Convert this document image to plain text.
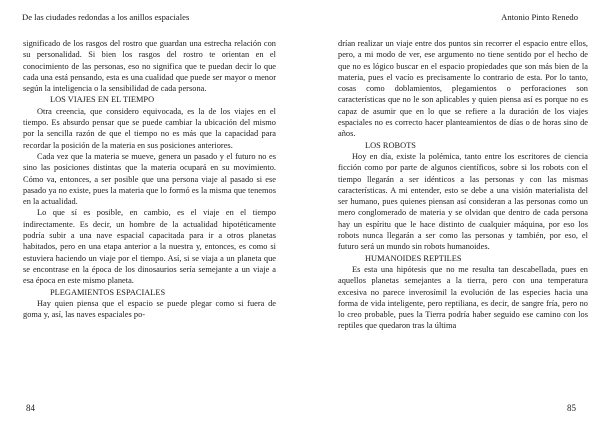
De las ciudades redondas a los anillos espaciales

significado de los rasgos del rostro que guardan una estrecha relación con su personalidad. Si bien los rasgos del rostro te orientan en el conocimiento de las personas, eso no significa que te puedan decir lo que cada una está pensando, esta es una cualidad que puede ser mayor o menor según la inteligencia o la sensibilidad de cada persona.

LOS VIAJES EN EL TIEMPO

Otra creencia, que considero equivocada, es la de los viajes en el tiempo. Es absurdo pensar que se puede cambiar la ubicación del mismo por la sencilla razón de que el tiempo no es más que la capacidad para recordar la posición de la materia en sus posiciones anteriores.

Cada vez que la materia se mueve, genera un pasado y el futuro no es sino las posiciones distintas que la materia ocupará en su movimiento. Cómo va, entonces, a ser posible que una persona viaje al pasado si ese pasado ya no existe, pues la materia que lo formó es la misma que tenemos en la actualidad.

Lo que sí es posible, en cambio, es el viaje en el tiempo indirectamente. Es decir, un hombre de la actualidad hipotéticamente podría subir a una nave espacial capacitada para ir a otros planetas habitados, pero en una etapa anterior a la nuestra y, entonces, es como si estuviera haciendo un viaje por el tiempo. Así, si se viaja a un planeta que se encontrase en la época de los dinosaurios sería semejante a un viaje a esa época en este mismo planeta.

PLEGAMIENTOS ESPACIALES

Hay quien piensa que el espacio se puede plegar como si fuera de goma y, así, las naves espaciales po-

84
Antonio Pinto Renedo

drían realizar un viaje entre dos puntos sin recorrer el espacio entre ellos, pero, a mi modo de ver, ese argumento no tiene sentido por el hecho de que no es lógico buscar en el espacio propiedades que son más bien de la materia, pues el vacío es precisamente lo contrario de esta. Por lo tanto, cosas como doblamientos, plegamientos o perforaciones son características que no le son aplicables y quien piensa así es porque no es capaz de asumir que en lo que se refiere a la duración de los viajes espaciales no es correcto hacer planteamientos de días o de horas sino de años.

LOS ROBOTS

Hoy en día, existe la polémica, tanto entre los escritores de ciencia ficción como por parte de algunos científicos, sobre si los robots con el tiempo llegarán a ser idénticos a las personas y con las mismas características. A mi entender, esto se debe a una visión materialista del ser humano, pues quienes piensan así consideran a las personas como un mero conglomerado de materia y se olvidan que dentro de cada persona hay un espíritu que le hace distinto de cualquier máquina, por eso los robots nunca llegarán a ser como las personas y también, por eso, el futuro será un mundo sin robots humanoides.

HUMANOIDES REPTILES

Es esta una hipótesis que no me resulta tan descabellada, pues en aquellos planetas semejantes a la tierra, pero con una temperatura excesiva no parece inverosímil la evolución de las especies hacia una forma de vida inteligente, pero reptiliana, es decir, de sangre fría, pero no lo creo probable, pues la Tierra podría haber seguido ese camino con los reptiles que quedaron tras la última

85
